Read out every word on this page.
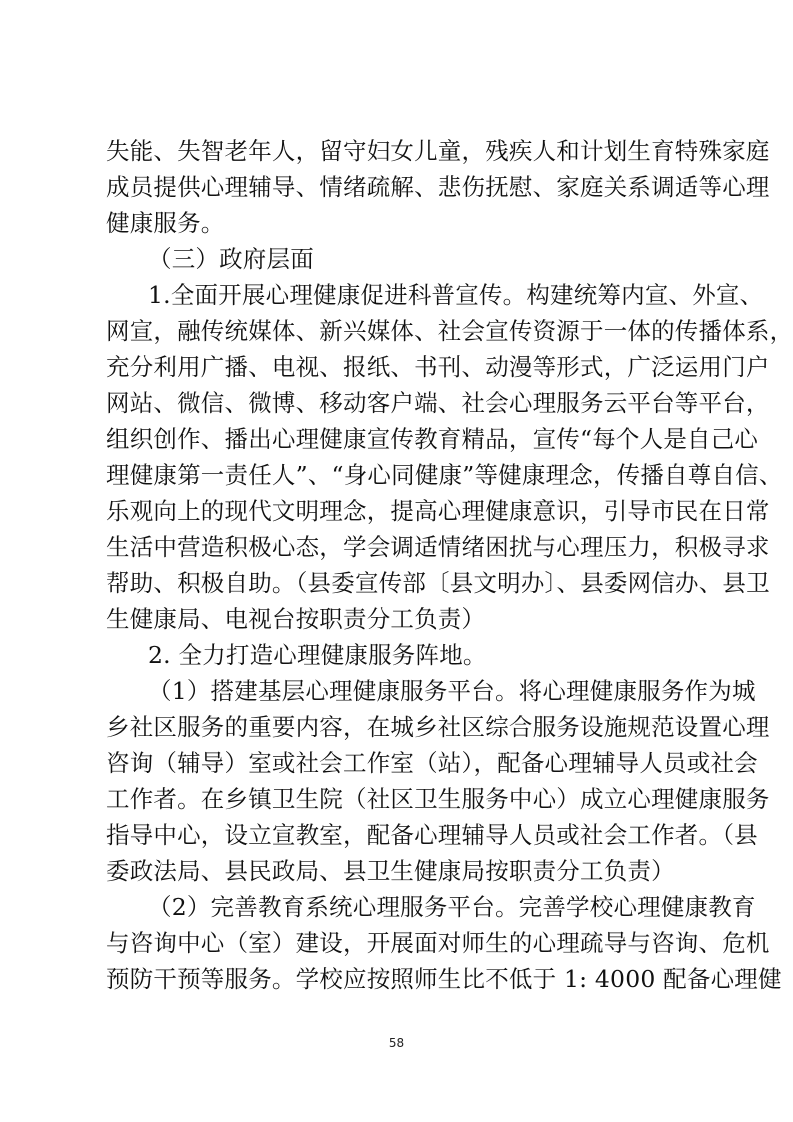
失能、失智老年人，留守妇女儿童，残疾人和计划生育特殊家庭
成员提供心理辅导、情绪疏解、悲伤抚慰、家庭关系调适等心理
健康服务。
（三）政府层面
1.全面开展心理健康促进科普宣传。构建统筹内宣、外宣、
网宣，融传统媒体、新兴媒体、社会宣传资源于一体的传播体系，
充分利用广播、电视、报纸、书刊、动漫等形式，广泛运用门户
网站、微信、微博、移动客户端、社会心理服务云平台等平台，
组织创作、播出心理健康宣传教育精品，宣传“每个人是自己心
理健康第一责任人”、“身心同健康”等健康理念，传播自尊自信、
乐观向上的现代文明理念，提高心理健康意识，引导市民在日常
生活中营造积极心态，学会调适情绪困扰与心理压力，积极寻求
帮助、积极自助。（县委宣传部〔县文明办〕、县委网信办、县卫
生健康局、电视台按职责分工负责）
2. 全力打造心理健康服务阵地。
（1）搭建基层心理健康服务平台。将心理健康服务作为城
乡社区服务的重要内容，在城乡社区综合服务设施规范设置心理
咨询（辅导）室或社会工作室（站），配备心理辅导人员或社会
工作者。在乡镇卫生院（社区卫生服务中心）成立心理健康服务
指导中心，设立宣教室，配备心理辅导人员或社会工作者。（县
委政法局、县民政局、县卫生健康局按职责分工负责）
（2）完善教育系统心理服务平台。完善学校心理健康教育
与咨询中心（室）建设，开展面对师生的心理疏导与咨询、危机
预防干预等服务。学校应按照师生比不低于 1: 4000 配备心理健
58
